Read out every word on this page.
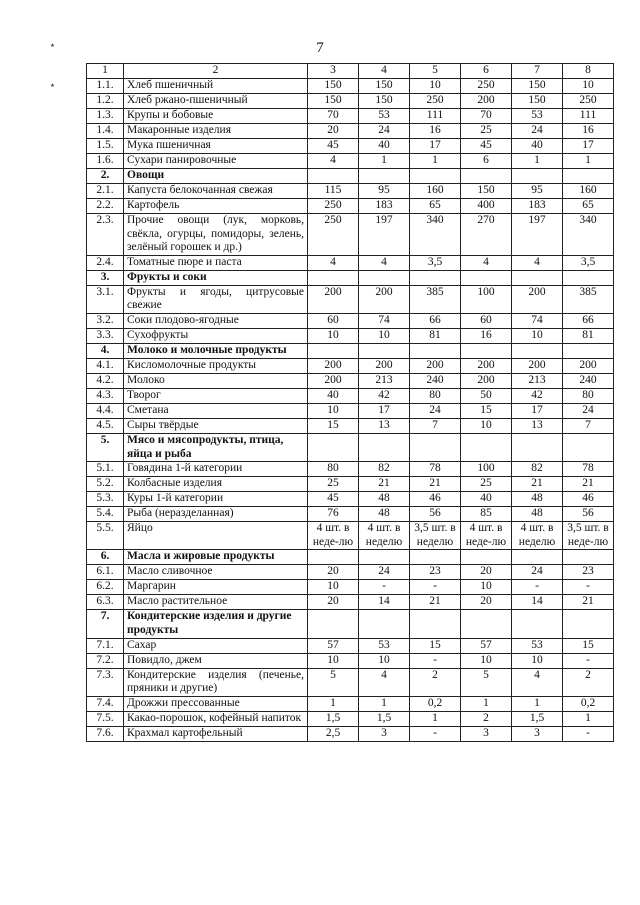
7
٭
٭
1	2	3	4	5	6	7	8
1.1.	Хлеб пшеничный	150	150	10	250	150	10
1.2.	Хлеб ржано-пшеничный	150	150	250	200	150	250
1.3.	Крупы и бобовые	70	53	111	70	53	111
1.4.	Макаронные изделия	20	24	16	25	24	16
1.5.	Мука пшеничная	45	40	17	45	40	17
1.6.	Сухари панировочные	4	1	1	6	1	1
2.	Овощи						
2.1.	Капуста белокочанная свежая	115	95	160	150	95	160
2.2.	Картофель	250	183	65	400	183	65
2.3.	Прочие овощи (лук, морковь, свёкла, огурцы, помидоры, зелень, зелёный горошек и др.)	250	197	340	270	197	340
2.4.	Томатные пюре и паста	4	4	3,5	4	4	3,5
3.	Фрукты и соки						
3.1.	Фрукты и ягоды, цитрусовые свежие	200	200	385	100	200	385
3.2.	Соки плодово-ягодные	60	74	66	60	74	66
3.3.	Сухофрукты	10	10	81	16	10	81
4.	Молоко и молочные продукты						
4.1.	Кисломолочные продукты	200	200	200	200	200	200
4.2.	Молоко	200	213	240	200	213	240
4.3.	Творог	40	42	80	50	42	80
4.4.	Сметана	10	17	24	15	17	24
4.5.	Сыры твёрдые	15	13	7	10	13	7
5.	Мясо и мясопродукты, птица, яйца и рыба						
5.1.	Говядина 1-й категории	80	82	78	100	82	78
5.2.	Колбасные изделия	25	21	21	25	21	21
5.3.	Куры 1-й категории	45	48	46	40	48	46
5.4.	Рыба (неразделанная)	76	48	56	85	48	56
5.5.	Яйцо	4 шт. в неде-лю	4 шт. в неделю	3,5 шт. в неделю	4 шт. в неде-лю	4 шт. в неделю	3,5 шт. в неде-лю
6.	Масла и жировые продукты						
6.1.	Масло сливочное	20	24	23	20	24	23
6.2.	Маргарин	10	-	-	10	-	-
6.3.	Масло растительное	20	14	21	20	14	21
7.	Кондитерские изделия и другие продукты						
7.1.	Сахар	57	53	15	57	53	15
7.2.	Повидло, джем	10	10	-	10	10	-
7.3.	Кондитерские изделия (печенье, пряники и другие)	5	4	2	5	4	2
7.4.	Дрожжи прессованные	1	1	0,2	1	1	0,2
7.5.	Какао-порошок, кофейный напиток	1,5	1,5	1	2	1,5	1
7.6.	Крахмал картофельный	2,5	3	-	3	3	-
